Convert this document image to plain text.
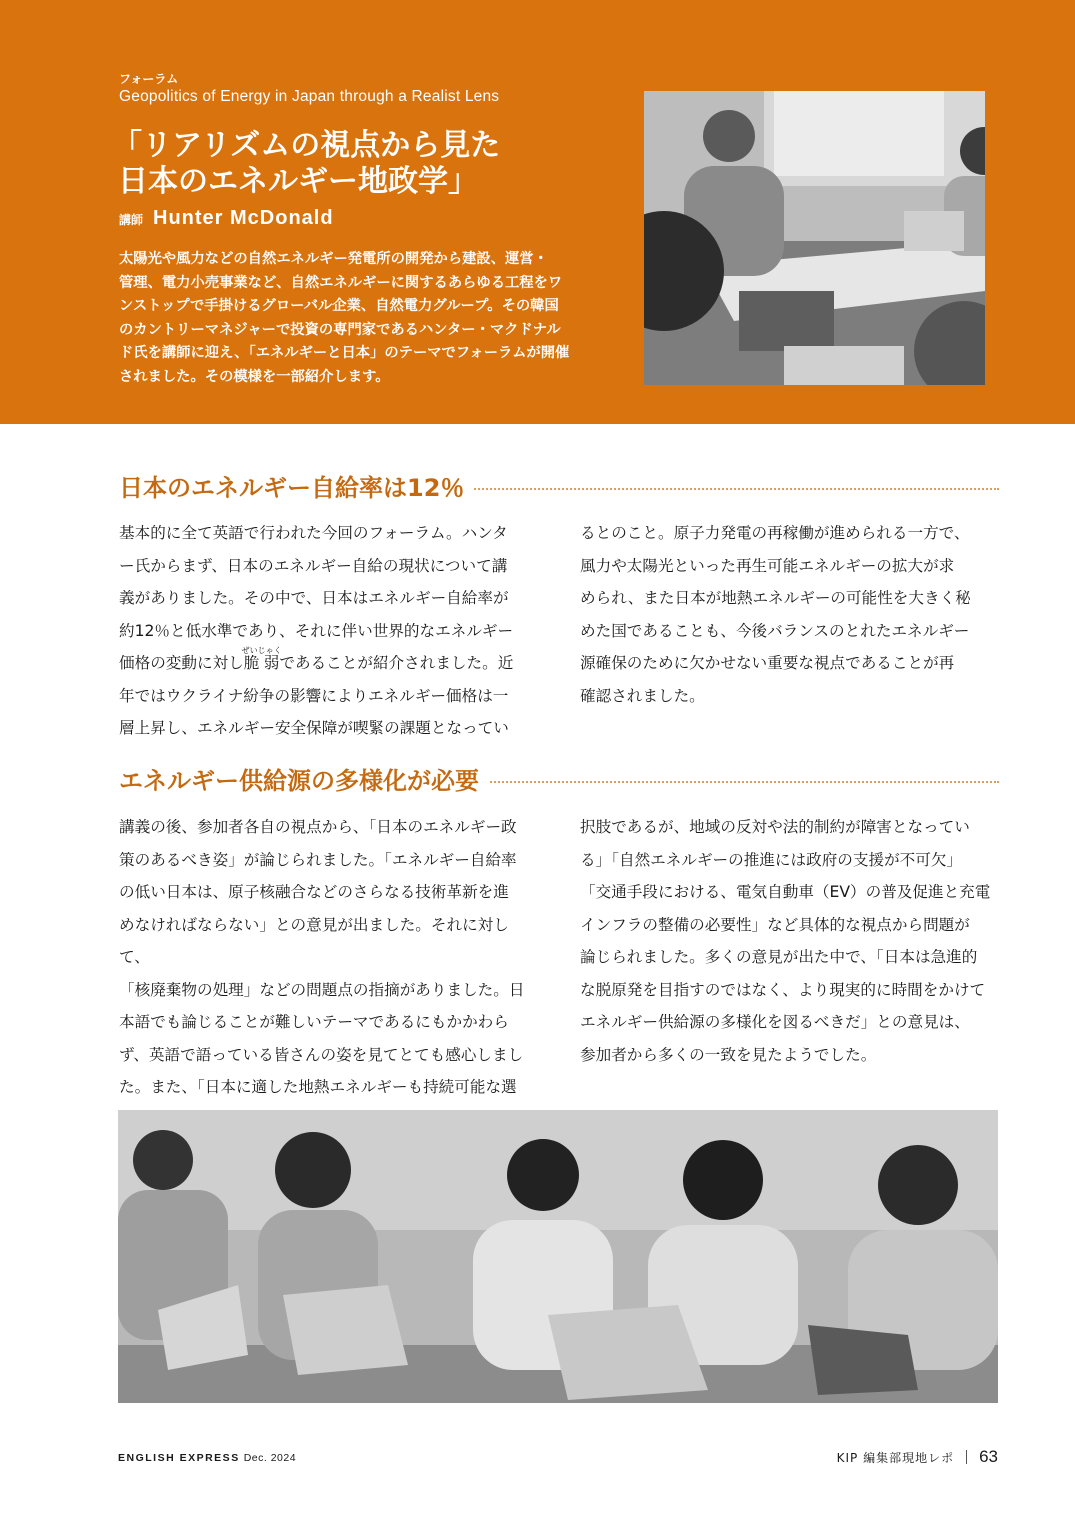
フォーラム
Geopolitics of Energy in Japan through a Realist Lens
「リアリズムの視点から見た
日本のエネルギー地政学」
講師 Hunter McDonald

太陽光や風力などの自然エネルギー発電所の開発から建設、運営・
管理、電力小売事業など、自然エネルギーに関するあらゆる工程をワ
ンストップで手掛けるグローバル企業、自然電力グループ。その韓国
のカントリーマネジャーで投資の専門家であるハンター・マクドナル
ド氏を講師に迎え、「エネルギーと日本」のテーマでフォーラムが開催
されました。その模様を一部紹介します。

日本のエネルギー自給率は12％

基本的に全て英語で行われた今回のフォーラム。ハンタ
ー氏からまず、日本のエネルギー自給の現状について講
義がありました。その中で、日本はエネルギー自給率が
約12％と低水準であり、それに伴い世界的なエネルギー
価格の変動に対し脆弱ぜいじゃくであることが紹介されました。近
年ではウクライナ紛争の影響によりエネルギー価格は一
層上昇し、エネルギー安全保障が喫緊の課題となってい

るとのこと。原子力発電の再稼働が進められる一方で、
風力や太陽光といった再生可能エネルギーの拡大が求
められ、また日本が地熱エネルギーの可能性を大きく秘
めた国であることも、今後バランスのとれたエネルギー
源確保のために欠かせない重要な視点であることが再
確認されました。

エネルギー供給源の多様化が必要

講義の後、参加者各自の視点から、「日本のエネルギー政
策のあるべき姿」が論じられました。「エネルギー自給率
の低い日本は、原子核融合などのさらなる技術革新を進
めなければならない」との意見が出ました。それに対して、
「核廃棄物の処理」などの問題点の指摘がありました。日
本語でも論じることが難しいテーマであるにもかかわら
ず、英語で語っている皆さんの姿を見てとても感心しまし
た。また、「日本に適した地熱エネルギーも持続可能な選

択肢であるが、地域の反対や法的制約が障害となってい
る」「自然エネルギーの推進には政府の支援が不可欠」
「交通手段における、電気自動車（EV）の普及促進と充電
インフラの整備の必要性」など具体的な視点から問題が
論じられました。多くの意見が出た中で、「日本は急進的
な脱原発を目指すのではなく、より現実的に時間をかけて
エネルギー供給源の多様化を図るべきだ」との意見は、
参加者から多くの一致を見たようでした。

ENGLISH EXPRESS Dec. 2024	KIP 編集部現地レポ 63
